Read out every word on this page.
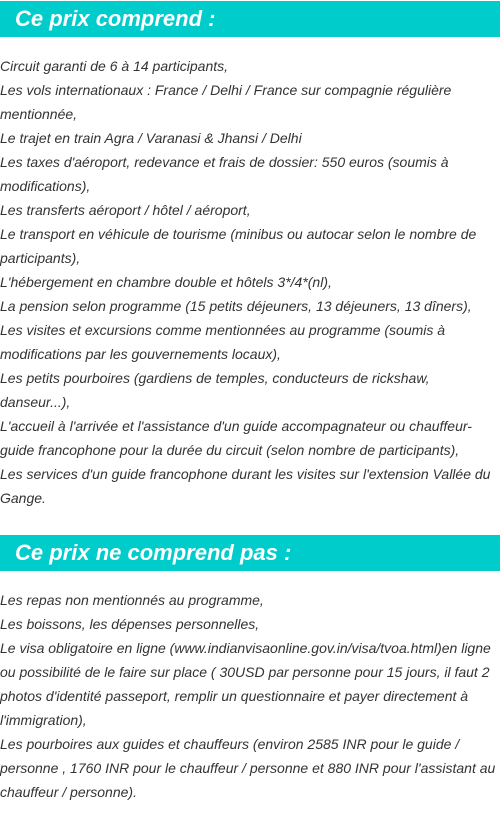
Ce prix comprend :
Circuit garanti de 6 à 14 participants,
Les vols internationaux : France / Delhi / France sur compagnie régulière mentionnée,
Le trajet en train Agra / Varanasi & Jhansi / Delhi
Les taxes d'aéroport, redevance et frais de dossier: 550 euros (soumis à modifications),
Les transferts aéroport / hôtel / aéroport,
Le transport en véhicule de tourisme (minibus ou autocar selon le nombre de participants),
L'hébergement en chambre double et hôtels 3*/4*(nl),
La pension selon programme (15 petits déjeuners, 13 déjeuners, 13 dîners),
Les visites et excursions comme mentionnées au programme (soumis à modifications par les gouvernements locaux),
Les petits pourboires (gardiens de temples, conducteurs de rickshaw, danseur...),
L'accueil à l'arrivée et l'assistance d'un guide accompagnateur ou chauffeur-guide francophone pour la durée du circuit (selon nombre de participants),
Les services d'un guide francophone durant les visites sur l'extension Vallée du Gange.
Ce prix ne comprend pas :
Les repas non mentionnés au programme,
Les boissons, les dépenses personnelles,
Le visa obligatoire en ligne (www.indianvisaonline.gov.in/visa/tvoa.html)en ligne ou possibilité de le faire sur place ( 30USD par personne pour 15 jours, il faut 2 photos d'identité passeport, remplir un questionnaire et payer directement à l'immigration),
Les pourboires aux guides et chauffeurs (environ 2585 INR pour le guide / personne , 1760 INR pour le chauffeur / personne et 880 INR pour l'assistant au chauffeur / personne).
